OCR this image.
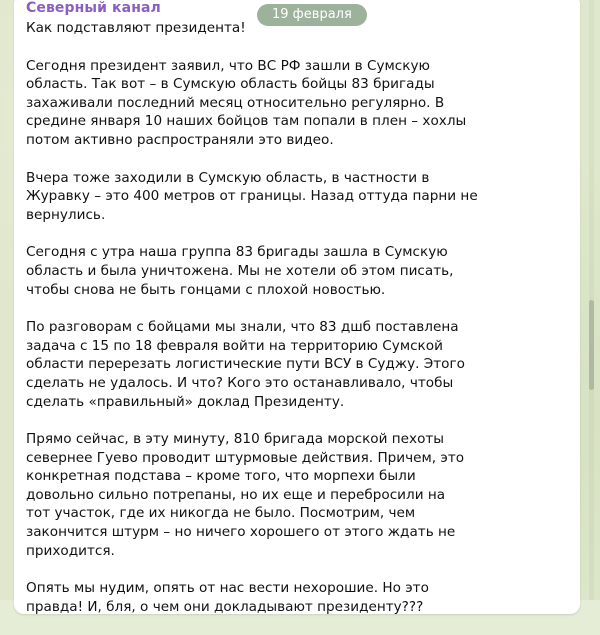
Северный канал	19 февраля

Как подставляют президента!

Сегодня президент заявил, что ВС РФ зашли в Сумскую
область. Так вот – в Сумскую область бойцы 83 бригады
захаживали последний месяц относительно регулярно. В
средине января 10 наших бойцов там попали в плен – хохлы
потом активно распространяли это видео.

Вчера тоже заходили в Сумскую область, в частности в
Журавку – это 400 метров от границы. Назад оттуда парни не
вернулись.

Сегодня с утра наша группа 83 бригады зашла в Сумскую
область и была уничтожена. Мы не хотели об этом писать,
чтобы снова не быть гонцами с плохой новостью.

По разговорам с бойцами мы знали, что 83 дшб поставлена
задача с 15 по 18 февраля войти на территорию Сумской
области перерезать логистические пути ВСУ в Суджу. Этого
сделать не удалось. И что? Кого это останавливало, чтобы
сделать «правильный» доклад Президенту.

Прямо сейчас, в эту минуту, 810 бригада морской пехоты
севернее Гуево проводит штурмовые действия. Причем, это
конкретная подстава – кроме того, что морпехи были
довольно сильно потрепаны, но их еще и перебросили на
тот участок, где их никогда не было. Посмотрим, чем
закончится штурм – но ничего хорошего от этого ждать не
приходится.

Опять мы нудим, опять от нас вести нехорошие. Но это
правда! И, бля, о чем они докладывают президенту???
